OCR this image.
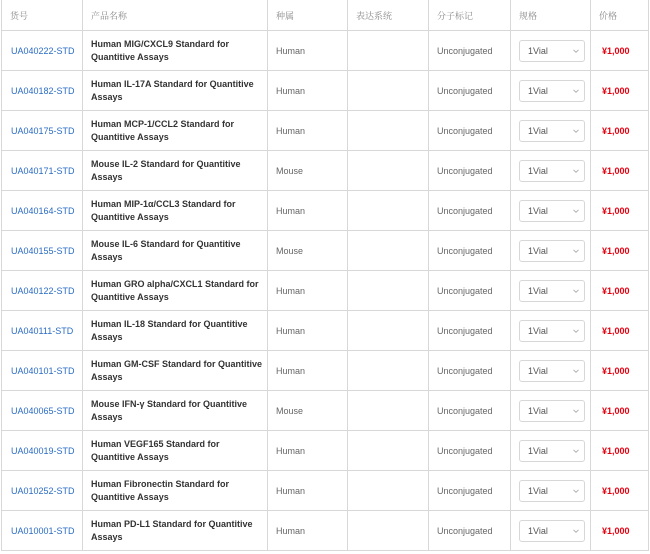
货号	产品名称	种属	表达系统	分子标记	规格	价格
UA040222-STD	Human MIG/CXCL9 Standard for Quantitive Assays	Human		Unconjugated	1Vial	¥1,000
UA040182-STD	Human IL-17A Standard for Quantitive Assays	Human		Unconjugated	1Vial	¥1,000
UA040175-STD	Human MCP-1/CCL2 Standard for Quantitive Assays	Human		Unconjugated	1Vial	¥1,000
UA040171-STD	Mouse IL-2 Standard for Quantitive Assays	Mouse		Unconjugated	1Vial	¥1,000
UA040164-STD	Human MIP-1α/CCL3 Standard for Quantitive Assays	Human		Unconjugated	1Vial	¥1,000
UA040155-STD	Mouse IL-6 Standard for Quantitive Assays	Mouse		Unconjugated	1Vial	¥1,000
UA040122-STD	Human GRO alpha/CXCL1 Standard for Quantitive Assays	Human		Unconjugated	1Vial	¥1,000
UA040111-STD	Human IL-18 Standard for Quantitive Assays	Human		Unconjugated	1Vial	¥1,000
UA040101-STD	Human GM-CSF Standard for Quantitive Assays	Human		Unconjugated	1Vial	¥1,000
UA040065-STD	Mouse IFN-γ Standard for Quantitive Assays	Mouse		Unconjugated	1Vial	¥1,000
UA040019-STD	Human VEGF165 Standard for Quantitive Assays	Human		Unconjugated	1Vial	¥1,000
UA010252-STD	Human Fibronectin Standard for Quantitive Assays	Human		Unconjugated	1Vial	¥1,000
UA010001-STD	Human PD-L1 Standard for Quantitive Assays	Human		Unconjugated	1Vial	¥1,000
